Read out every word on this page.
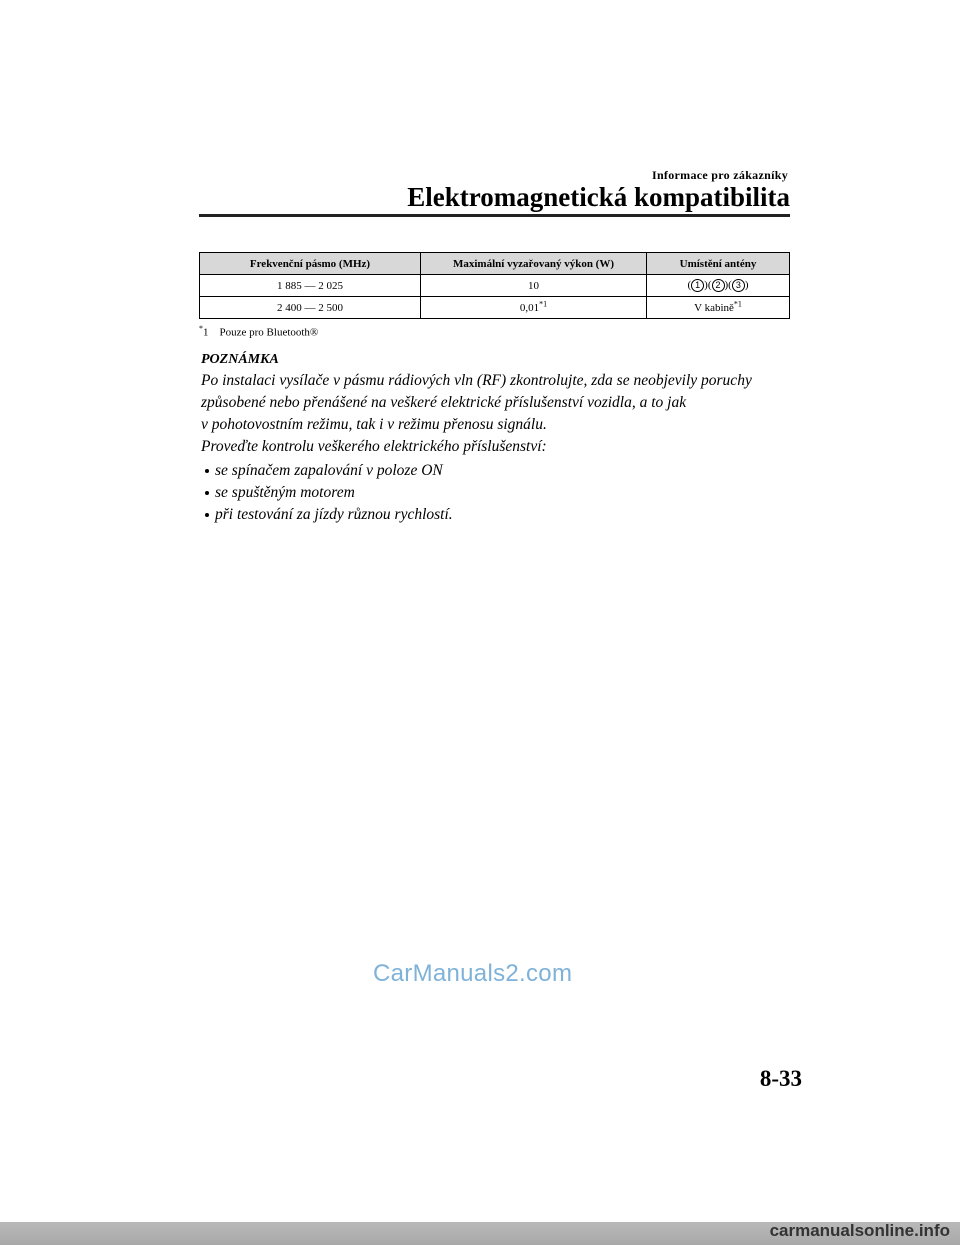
Informace pro zákazníky
Elektromagnetická kompatibilita
Frekvenční pásmo (MHz)	Maximální vyzařovaný výkon (W)	Umístění antény
1 885 — 2 025	10	( 1 )( 2 )( 3 )
2 400 — 2 500	0,01$^{*1}$	V kabině$^{*1}$
*1 Pouze pro Bluetooth®
POZNÁMKA
Po instalaci vysílače v pásmu rádiových vln (RF) zkontrolujte, zda se neobjevily poruchy
způsobené nebo přenášené na veškeré elektrické příslušenství vozidla, a to jak
v pohotovostním režimu, tak i v režimu přenosu signálu.
Proveďte kontrolu veškerého elektrického příslušenství:
se spínačem zapalování v poloze ON
se spuštěným motorem
při testování za jízdy různou rychlostí.
CarManuals2.com
8-33
carmanualsonline.info
